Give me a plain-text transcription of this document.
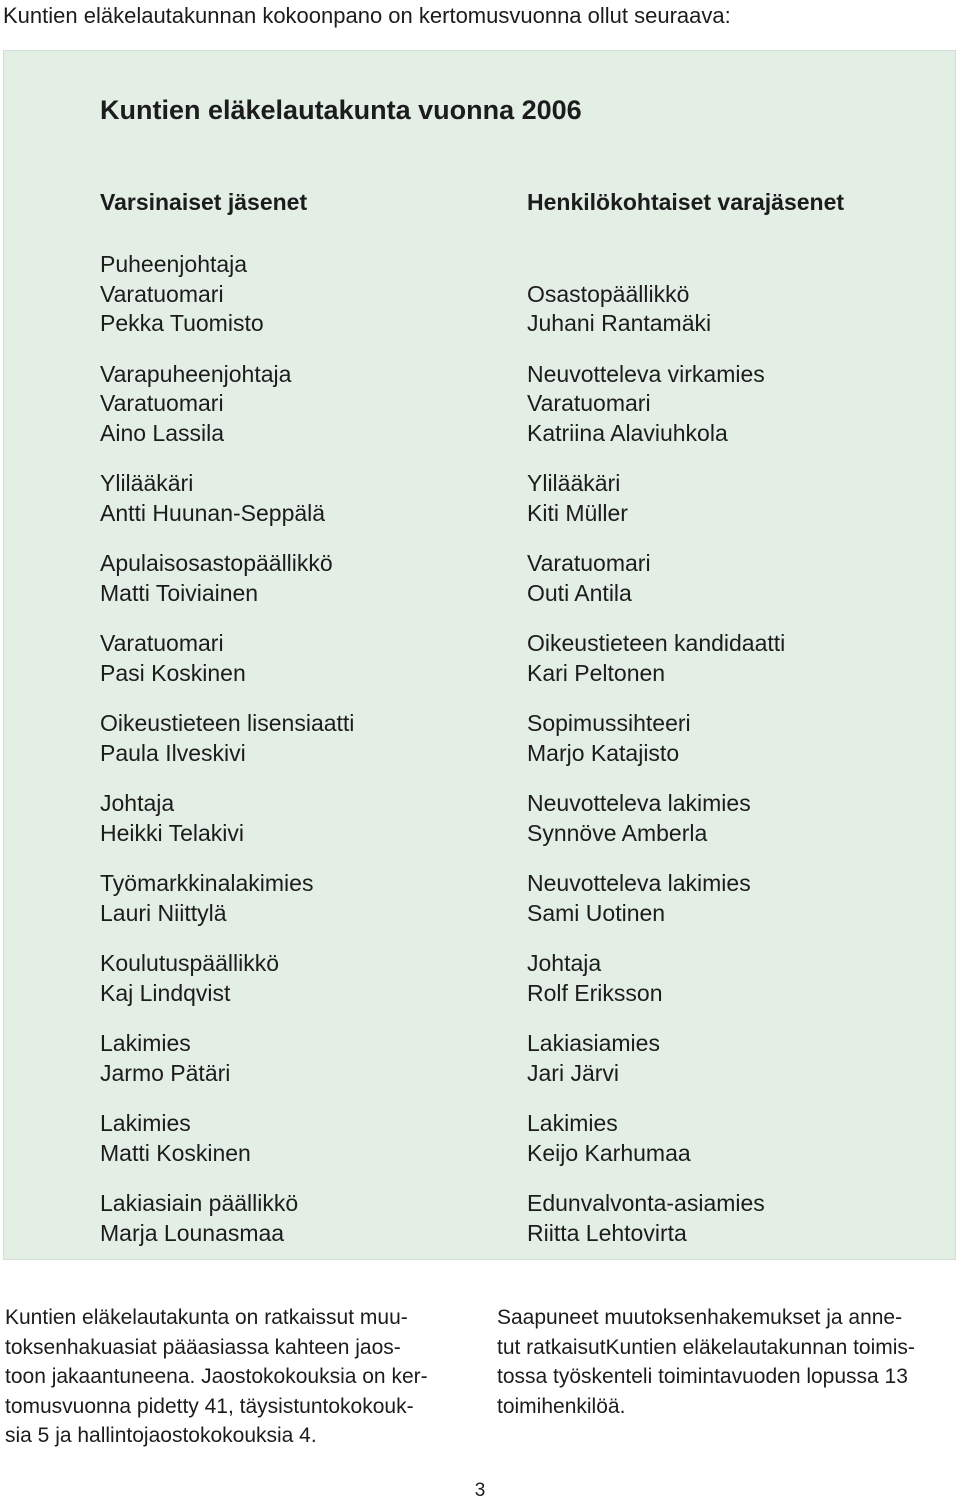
Kuntien eläkelautakunnan kokoonpano on kertomusvuonna ollut seuraava:
Kuntien eläkelautakunta vuonna 2006
Varsinaiset jäsenet
Puheenjohtaja
Varatuomari
Pekka Tuomisto
Varapuheenjohtaja
Varatuomari
Aino Lassila
Ylilääkäri
Antti Huunan-Seppälä
Apulaisosastopäällikkö
Matti Toiviainen
Varatuomari
Pasi Koskinen
Oikeustieteen lisensiaatti
Paula Ilveskivi
Johtaja
Heikki Telakivi
Työmarkkinalakimies
Lauri Niittylä
Koulutuspäällikkö
Kaj Lindqvist
Lakimies
Jarmo Pätäri
Lakimies
Matti Koskinen
Lakiasiain päällikkö
Marja Lounasmaa
Henkilökohtaiset varajäsenet
Osastopäällikkö
Juhani Rantamäki
Neuvotteleva virkamies
Varatuomari
Katriina Alaviuhkola
Ylilääkäri
Kiti Müller
Varatuomari
Outi Antila
Oikeustieteen kandidaatti
Kari Peltonen
Sopimussihteeri
Marjo Katajisto
Neuvotteleva lakimies
Synnöve Amberla
Neuvotteleva lakimies
Sami Uotinen
Johtaja
Rolf Eriksson
Lakiasiamies
Jari Järvi
Lakimies
Keijo Karhumaa
Edunvalvonta-asiamies
Riitta Lehtovirta
Kuntien eläkelautakunta on ratkaissut muu-
toksenhakuasiat pääasiassa kahteen jaos-
toon jakaantuneena. Jaostokokouksia on ker-
tomusvuonna pidetty 41, täysistuntokokouk-
sia 5 ja hallintojaostokokouksia 4.
Saapuneet muutoksenhakemukset ja anne-
tut ratkaisutKuntien eläkelautakunnan toimis-
tossa työskenteli toimintavuoden lopussa 13
toimihenkilöä.
3
